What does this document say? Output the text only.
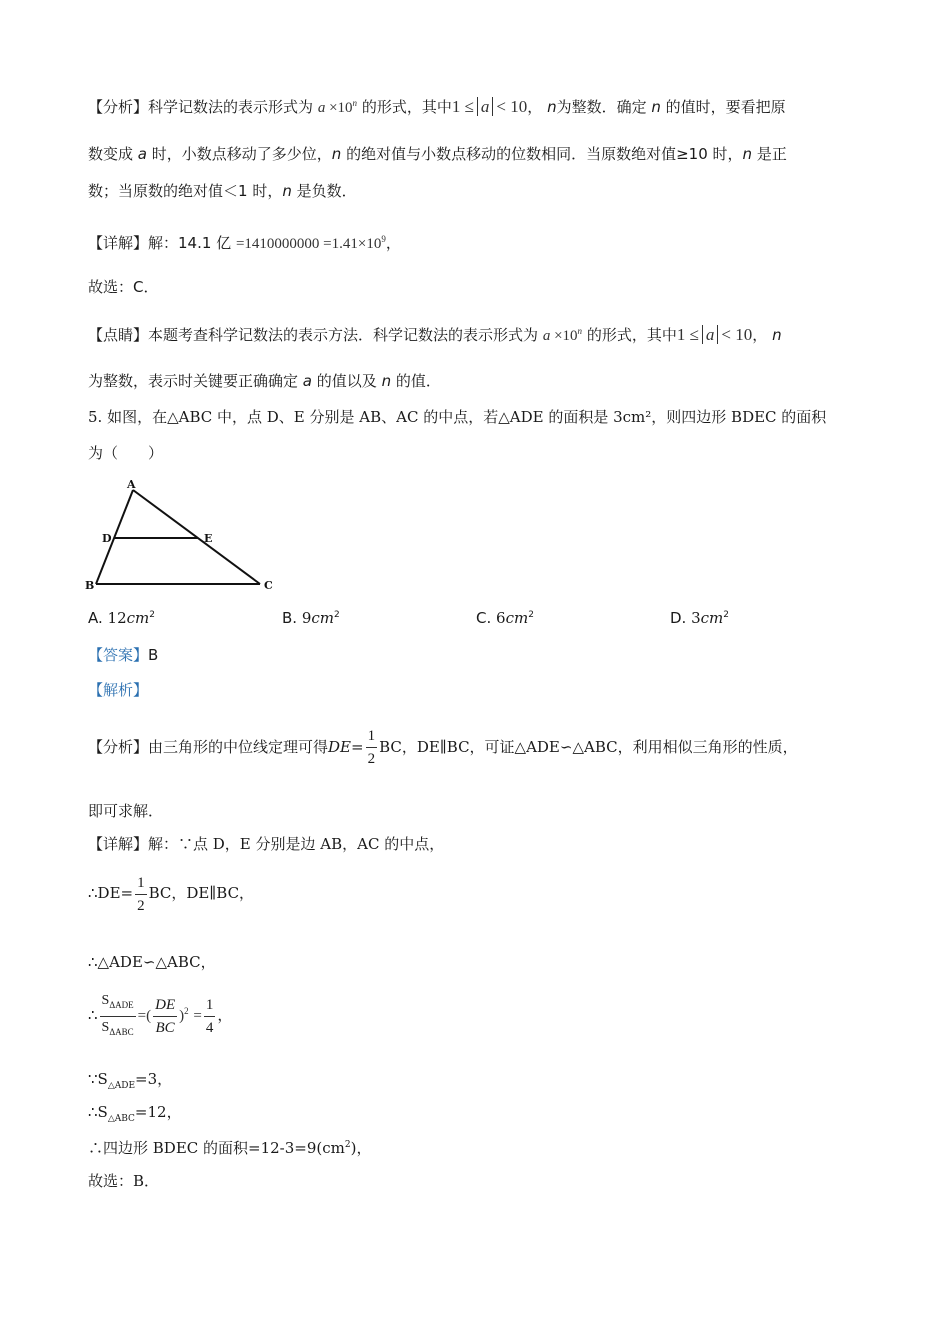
【分析】科学记数法的表示形式为 $a \times 10^n$ 的形式，其中1 ≤ a < 10， n为整数．确定 n 的值时，要看把原
数变成 a 时，小数点移动了多少位，n 的绝对值与小数点移动的位数相同．当原数绝对值≥10 时，n 是正
数；当原数的绝对值＜1 时，n 是负数．
【详解】解：14.1 亿 $=1410000000 =1.41\times 10^9$，
故选：C．
【点睛】本题考查科学记数法的表示方法．科学记数法的表示形式为 $a \times 10^n$ 的形式，其中1 ≤ a < 10， n
为整数，表示时关键要正确确定 a 的值以及 n 的值．
5. 如图，在△ABC 中，点 D、E 分别是 AB、AC 的中点，若△ADE 的面积是 3cm²，则四边形 BDEC 的面积
为（　　）
A
D	E
B	C
A. $12cm^2$	B. $9cm^2$	C. $6cm^2$	D. $3cm^2$
【答案】B
【解析】
【分析】由三角形的中位线定理可得$DE= \frac{1}{2}$ BC，DE∥BC，可证△ADE∽△ABC，利用相似三角形的性质，
即可求解．
【详解】解：∵点 D，E 分别是边 AB，AC 的中点，
∴DE= $\frac{1}{2}$ BC，DE∥BC，
∴△ADE∽△ABC，
∴ $\frac{S_{\Delta ADE}}{S_{\Delta ABC}}$ =( $\frac{DE}{BC} )^2 = \frac{1}{4}$ ，
$\because S_{\triangle ADE}=3$，
$\therefore S_{\triangle ABC}=12$，
∴四边形 BDEC 的面积$=12-3=9(cm^2)$，
故选：B．
